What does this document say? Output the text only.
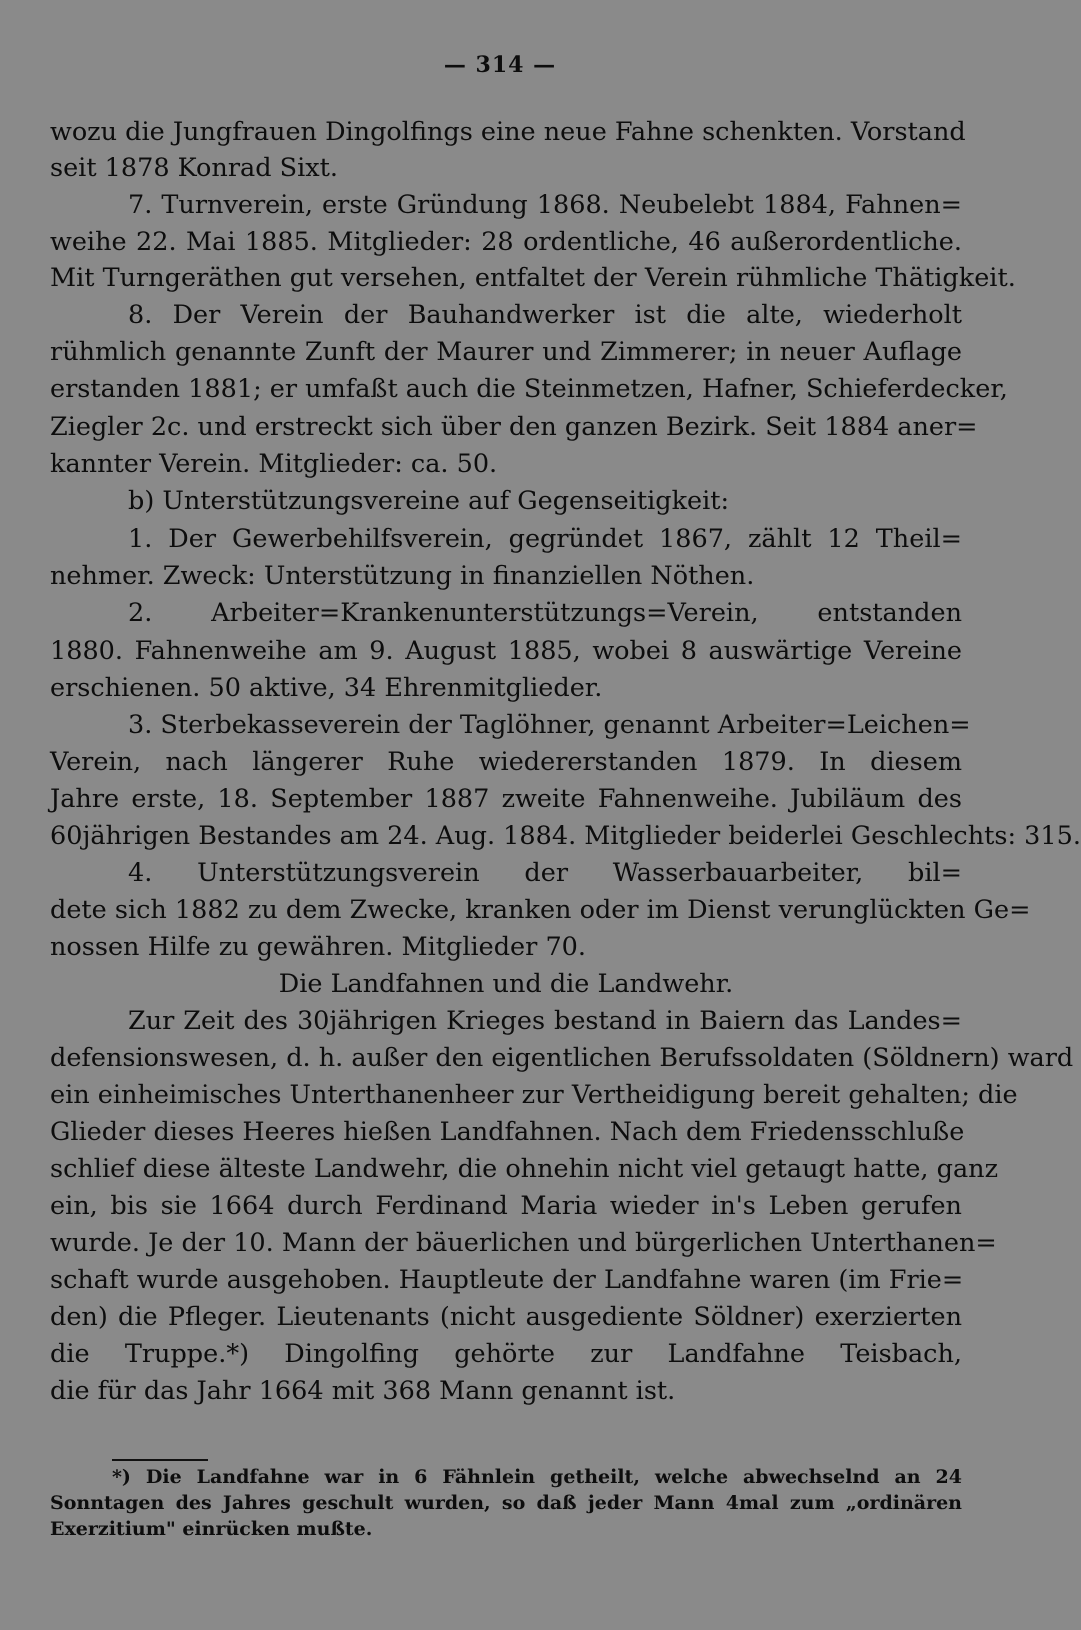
— 314 —
wozu die Jungfrauen Dingolfings eine neue Fahne schenkten. Vorstand
seit 1878 Konrad Sixt.
7. Turnverein, erste Gründung 1868. Neubelebt 1884, Fahnen=
weihe 22. Mai 1885. Mitglieder: 28 ordentliche, 46 außerordentliche.
Mit Turngeräthen gut versehen, entfaltet der Verein rühmliche Thätigkeit.
8. Der Verein der Bauhandwerker ist die alte, wiederholt
rühmlich genannte Zunft der Maurer und Zimmerer; in neuer Auflage
erstanden 1881; er umfaßt auch die Steinmetzen, Hafner, Schieferdecker,
Ziegler 2c. und erstreckt sich über den ganzen Bezirk. Seit 1884 aner=
kannter Verein. Mitglieder: ca. 50.
b) Unterstützungsvereine auf Gegenseitigkeit:
1. Der Gewerbehilfsverein, gegründet 1867, zählt 12 Theil=
nehmer. Zweck: Unterstützung in finanziellen Nöthen.
2. Arbeiter=Krankenunterstützungs=Verein, entstanden
1880. Fahnenweihe am 9. August 1885, wobei 8 auswärtige Vereine
erschienen. 50 aktive, 34 Ehrenmitglieder.
3. Sterbekasseverein der Taglöhner, genannt Arbeiter=Leichen=
Verein, nach längerer Ruhe wiedererstanden 1879. In diesem
Jahre erste, 18. September 1887 zweite Fahnenweihe. Jubiläum des
60jährigen Bestandes am 24. Aug. 1884. Mitglieder beiderlei Geschlechts: 315.
4. Unterstützungsverein der Wasserbauarbeiter, bil=
dete sich 1882 zu dem Zwecke, kranken oder im Dienst verunglückten Ge=
nossen Hilfe zu gewähren. Mitglieder 70.
Die Landfahnen und die Landwehr.
Zur Zeit des 30jährigen Krieges bestand in Baiern das Landes=
defensionswesen, d. h. außer den eigentlichen Berufssoldaten (Söldnern) ward
ein einheimisches Unterthanenheer zur Vertheidigung bereit gehalten; die
Glieder dieses Heeres hießen Landfahnen. Nach dem Friedensschluße
schlief diese älteste Landwehr, die ohnehin nicht viel getaugt hatte, ganz
ein, bis sie 1664 durch Ferdinand Maria wieder in's Leben gerufen
wurde. Je der 10. Mann der bäuerlichen und bürgerlichen Unterthanen=
schaft wurde ausgehoben. Hauptleute der Landfahne waren (im Frie=
den) die Pfleger. Lieutenants (nicht ausgediente Söldner) exerzierten
die Truppe.*) Dingolfing gehörte zur Landfahne Teisbach,
die für das Jahr 1664 mit 368 Mann genannt ist.
*) Die Landfahne war in 6 Fähnlein getheilt, welche abwechselnd an 24
Sonntagen des Jahres geschult wurden, so daß jeder Mann 4mal zum „ordinären
Exerzitium" einrücken mußte.
